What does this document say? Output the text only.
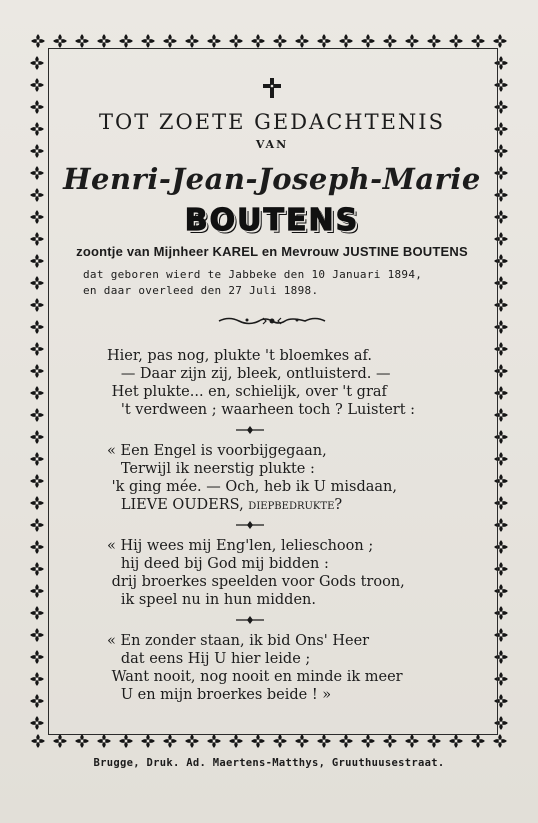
TOT ZOETE GEDACHTENIS
VAN
Henri-Jean-Joseph-Marie
BOUTENS
zoontje van Mijnheer KAREL en Mevrouw JUSTINE BOUTENS
dat geboren wierd te Jabbeke den 10 Januari 1894,
en daar overleed den 27 Juli 1898.
Hier, pas nog, plukte 't bloemkes af.
— Daar zijn zij, bleek, ontluisterd. —
Het plukte... en, schielijk, over 't graf
't verdween ; waarheen toch ? Luistert :
« Een Engel is voorbijgegaan,
Terwijl ik neerstig plukte :
'k ging mée. — Och, heb ik U misdaan,
LIEVE OUDERS, diepbedrukte?
« Hij wees mij Eng'len, lelieschoon ;
hij deed bij God mij bidden :
drij broerkes speelden voor Gods troon,
ik speel nu in hun midden.
« En zonder staan, ik bid Ons' Heer
dat eens Hij U hier leide ;
Want nooit, nog nooit en minde ik meer
U en mijn broerkes beide ! »
Brugge, Druk. Ad. Maertens-Matthys, Gruuthuusestraat.
